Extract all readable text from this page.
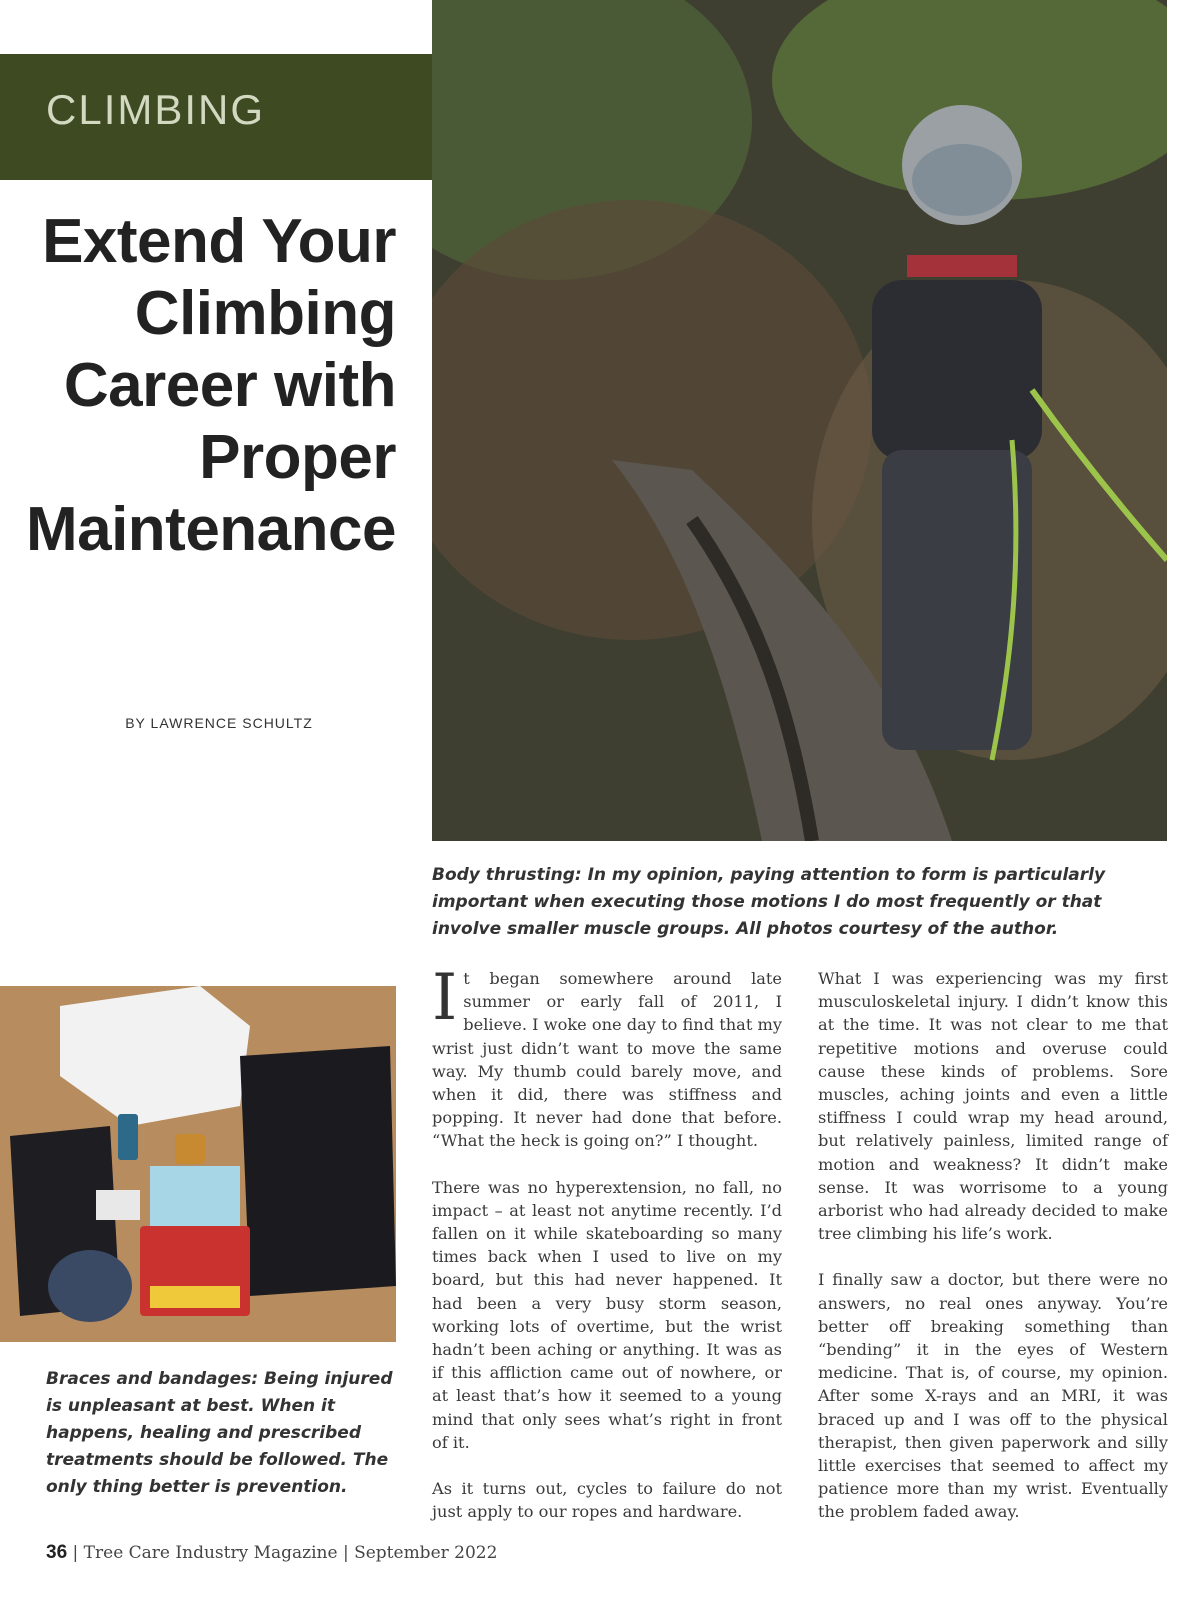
CLIMBING
Extend Your Climbing Career with Proper Maintenance
BY LAWRENCE SCHULTZ
Body thrusting: In my opinion, paying attention to form is particularly important when executing those motions I do most frequently or that involve smaller muscle groups. All photos courtesy of the author.
Braces and bandages: Being injured is unpleasant at best. When it happens, healing and prescribed treatments should be followed. The only thing better is prevention.

It began somewhere around late summer or early fall of 2011, I believe. I woke one day to find that my wrist just didn’t want to move the same way. My thumb could barely move, and when it did, there was stiffness and popping. It never had done that before. “What the heck is going on?” I thought.

There was no hyperextension, no fall, no impact – at least not anytime recently. I’d fallen on it while skateboarding so many times back when I used to live on my board, but this had never happened. It had been a very busy storm season, working lots of overtime, but the wrist hadn’t been aching or anything. It was as if this affliction came out of nowhere, or at least that’s how it seemed to a young mind that only sees what’s right in front of it.

As it turns out, cycles to failure do not just apply to our ropes and hardware.

What I was experiencing was my first musculoskeletal injury. I didn’t know this at the time. It was not clear to me that repetitive motions and overuse could cause these kinds of problems. Sore muscles, aching joints and even a little stiffness I could wrap my head around, but relatively painless, limited range of motion and weakness? It didn’t make sense. It was worrisome to a young arborist who had already decided to make tree climbing his life’s work.

I finally saw a doctor, but there were no answers, no real ones anyway. You’re better off breaking something than “bending” it in the eyes of Western medicine. That is, of course, my opinion. After some X-rays and an MRI, it was braced up and I was off to the physical therapist, then given paperwork and silly little exercises that seemed to affect my patience more than my wrist. Eventually the problem faded away.

36 | Tree Care Industry Magazine | September 2022
